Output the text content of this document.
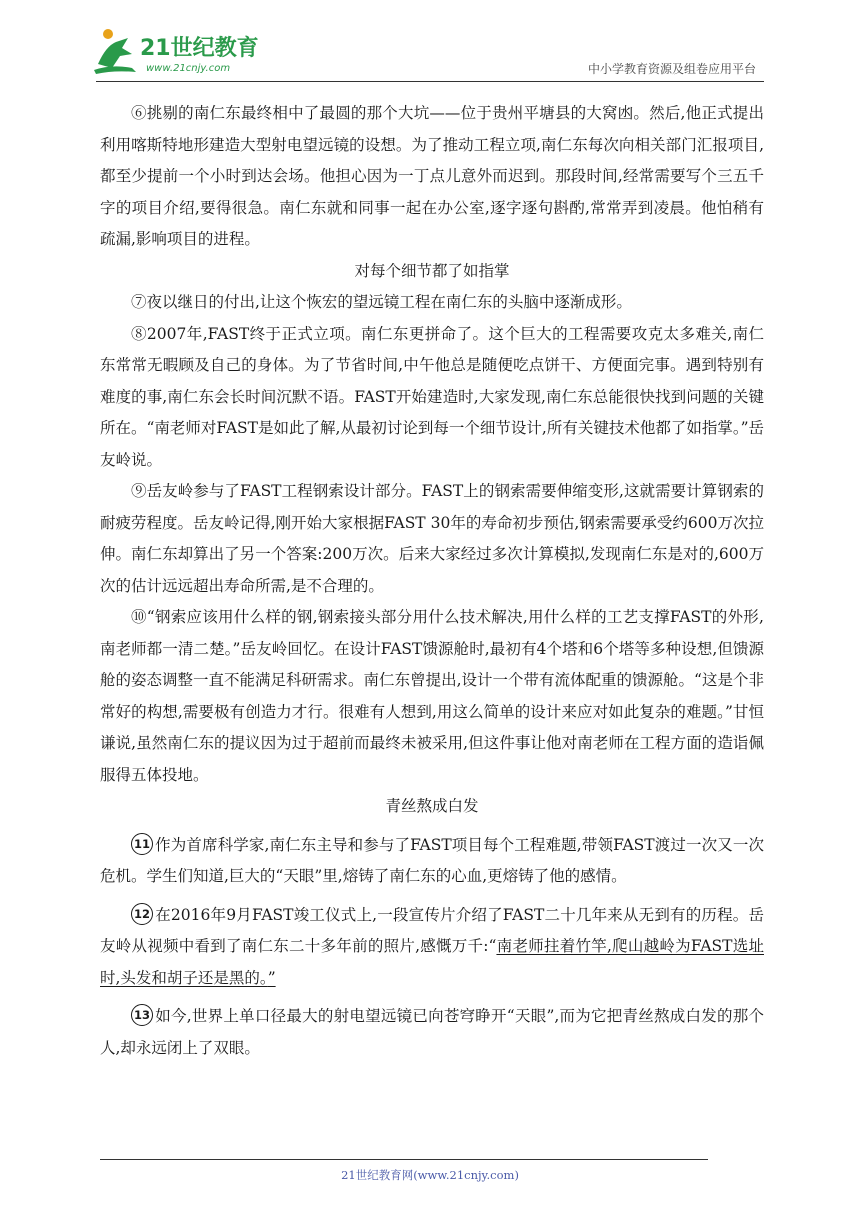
21世纪教育
www.21cnjy.com	中小学教育资源及组卷应用平台

⑥挑剔的南仁东最终相中了最圆的那个大坑——位于贵州平塘县的大窝凼。然后,他正式提出利用喀斯特地形建造大型射电望远镜的设想。为了推动工程立项,南仁东每次向相关部门汇报项目,都至少提前一个小时到达会场。他担心因为一丁点儿意外而迟到。那段时间,经常需要写个三五千字的项目介绍,要得很急。南仁东就和同事一起在办公室,逐字逐句斟酌,常常弄到凌晨。他怕稍有疏漏,影响项目的进程。

对每个细节都了如指掌

⑦夜以继日的付出,让这个恢宏的望远镜工程在南仁东的头脑中逐渐成形。

⑧2007年,FAST终于正式立项。南仁东更拼命了。这个巨大的工程需要攻克太多难关,南仁东常常无暇顾及自己的身体。为了节省时间,中午他总是随便吃点饼干、方便面完事。遇到特别有难度的事,南仁东会长时间沉默不语。FAST开始建造时,大家发现,南仁东总能很快找到问题的关键所在。“南老师对FAST是如此了解,从最初讨论到每一个细节设计,所有关键技术他都了如指掌。”岳友岭说。

⑨岳友岭参与了FAST工程钢索设计部分。FAST上的钢索需要伸缩变形,这就需要计算钢索的耐疲劳程度。岳友岭记得,刚开始大家根据FAST 30年的寿命初步预估,钢索需要承受约600万次拉伸。南仁东却算出了另一个答案:200万次。后来大家经过多次计算模拟,发现南仁东是对的,600万次的估计远远超出寿命所需,是不合理的。

⑩“钢索应该用什么样的钢,钢索接头部分用什么技术解决,用什么样的工艺支撑FAST的外形,南老师都一清二楚。”岳友岭回忆。在设计FAST馈源舱时,最初有4个塔和6个塔等多种设想,但馈源舱的姿态调整一直不能满足科研需求。南仁东曾提出,设计一个带有流体配重的馈源舱。“这是个非常好的构想,需要极有创造力才行。很难有人想到,用这么简单的设计来应对如此复杂的难题。”甘恒谦说,虽然南仁东的提议因为过于超前而最终未被采用,但这件事让他对南老师在工程方面的造诣佩服得五体投地。

青丝熬成白发

11 作为首席科学家,南仁东主导和参与了FAST项目每个工程难题,带领FAST渡过一次又一次危机。学生们知道,巨大的“天眼”里,熔铸了南仁东的心血,更熔铸了他的感情。

12 在2016年9月FAST竣工仪式上,一段宣传片介绍了FAST二十几年来从无到有的历程。岳友岭从视频中看到了南仁东二十多年前的照片,感慨万千:“南老师拄着竹竿,爬山越岭为FAST选址时,头发和胡子还是黑的。”

13 如今,世界上单口径最大的射电望远镜已向苍穹睁开“天眼”,而为它把青丝熬成白发的那个人,却永远闭上了双眼。

21世纪教育网(www.21cnjy.com)
